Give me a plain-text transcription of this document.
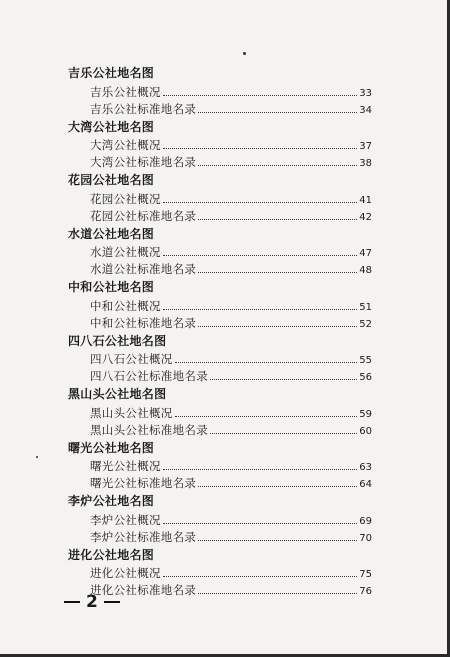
吉乐公社地名图
吉乐公社概况	33
吉乐公社标准地名录	34
大湾公社地名图
大湾公社概况	37
大湾公社标准地名录	38
花园公社地名图
花园公社概况	41
花园公社标准地名录	42
水道公社地名图
水道公社概况	47
水道公社标准地名录	48
中和公社地名图
中和公社概况	51
中和公社标准地名录	52
四八石公社地名图
四八石公社概况	55
四八石公社标准地名录	56
黑山头公社地名图
黑山头公社概况	59
黑山头公社标准地名录	60
曙光公社地名图
曙光公社概况	63
曙光公社标准地名录	64
李炉公社地名图
李炉公社概况	69
李炉公社标准地名录	70
进化公社地名图
进化公社概况	75
进化公社标准地名录	76
2
